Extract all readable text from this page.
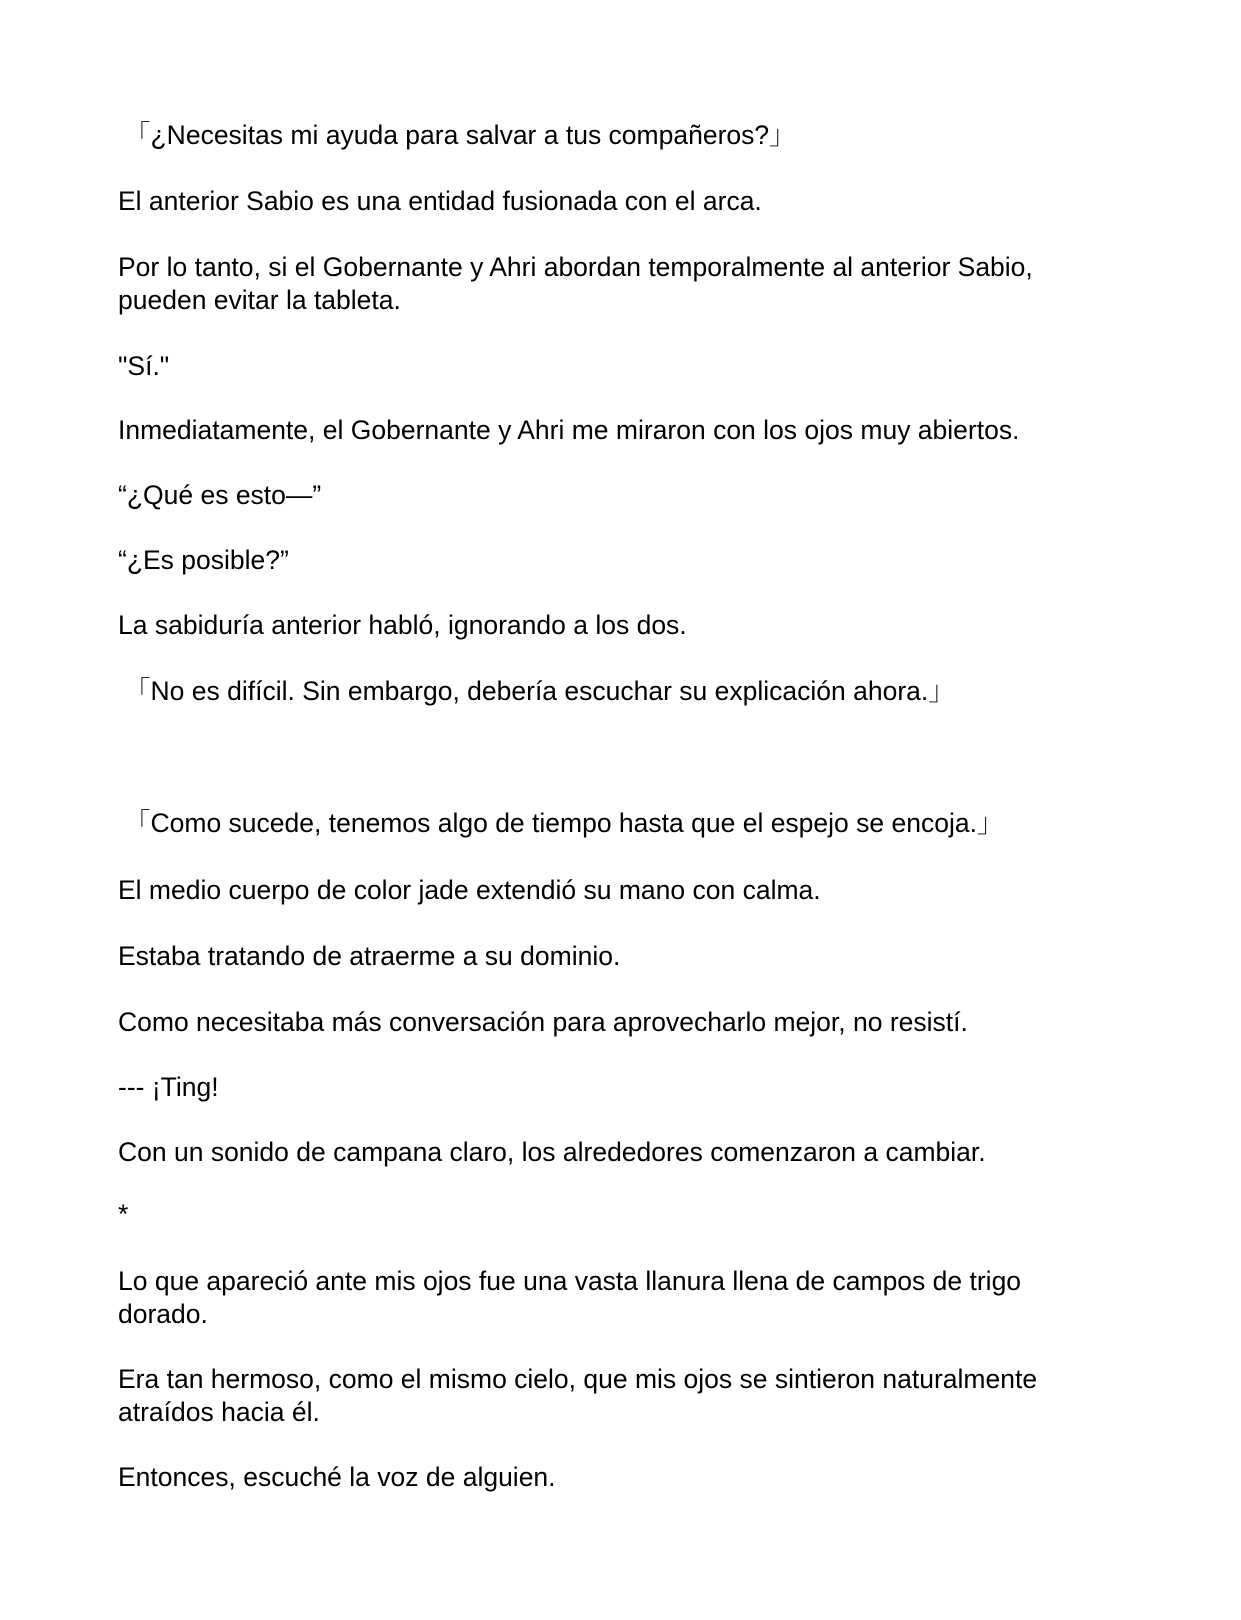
「¿Necesitas mi ayuda para salvar a tus compañeros?」

El anterior Sabio es una entidad fusionada con el arca.

Por lo tanto, si el Gobernante y Ahri abordan temporalmente al anterior Sabio,

pueden evitar la tableta.

"Sí."

Inmediatamente, el Gobernante y Ahri me miraron con los ojos muy abiertos.

“¿Qué es esto—”

“¿Es posible?”

La sabiduría anterior habló, ignorando a los dos.

「No es difícil. Sin embargo, debería escuchar su explicación ahora.」

「Como sucede, tenemos algo de tiempo hasta que el espejo se encoja.」

El medio cuerpo de color jade extendió su mano con calma.

Estaba tratando de atraerme a su dominio.

Como necesitaba más conversación para aprovecharlo mejor, no resistí.

--- ¡Ting!

Con un sonido de campana claro, los alrededores comenzaron a cambiar.

*

Lo que apareció ante mis ojos fue una vasta llanura llena de campos de trigo

dorado.

Era tan hermoso, como el mismo cielo, que mis ojos se sintieron naturalmente

atraídos hacia él.

Entonces, escuché la voz de alguien.
